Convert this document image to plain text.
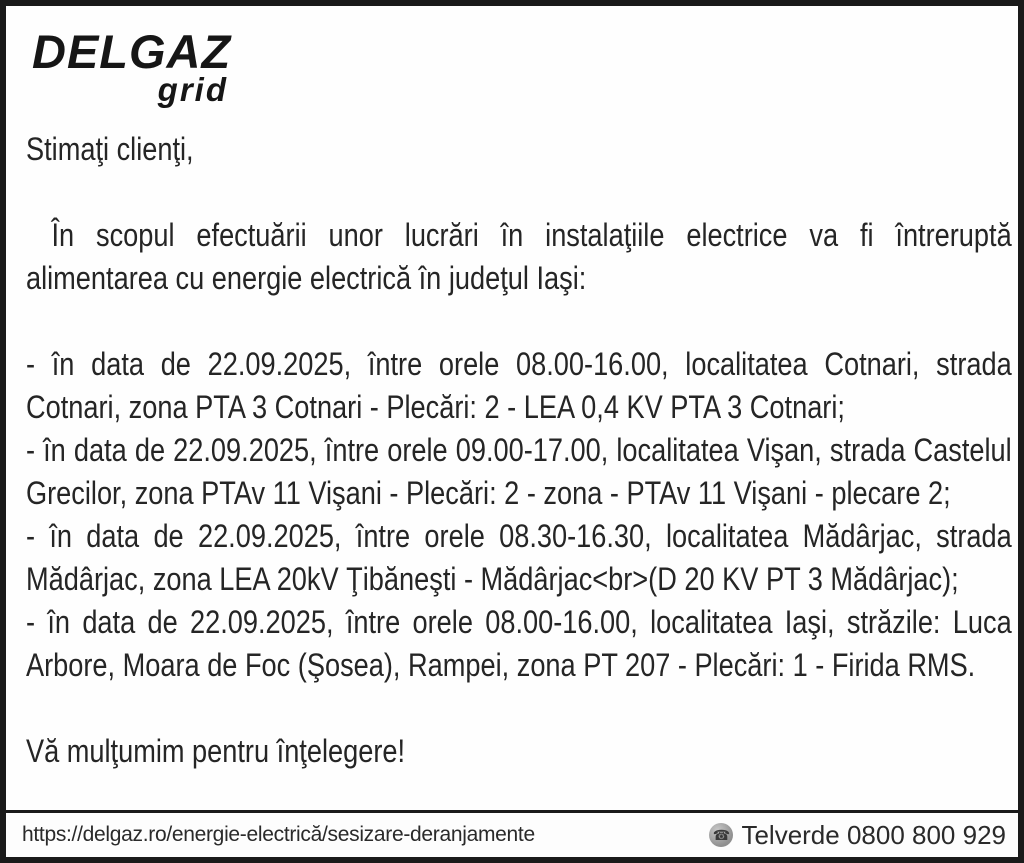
DELGAZ
grid
Stimaţi clienţi,
În scopul efectuării unor lucrări în instalaţiile electrice va fi întreruptă alimentarea cu energie electrică în judeţul Iaşi:
- în data de 22.09.2025, între orele 08.00-16.00, localitatea Cotnari, strada Cotnari, zona PTA 3 Cotnari - Plecări: 2 - LEA 0,4 KV PTA 3 Cotnari;
- în data de 22.09.2025, între orele 09.00-17.00, localitatea Vişan, strada Castelul Grecilor, zona PTAv 11 Vişani - Plecări: 2 - zona - PTAv 11 Vişani - plecare 2;
- în data de 22.09.2025, între orele 08.30-16.30, localitatea Mădârjac, strada Mădârjac, zona LEA 20kV Ţibăneşti - Mădârjac<br>(D 20 KV PT 3 Mădârjac);
- în data de 22.09.2025, între orele 08.00-16.00, localitatea Iaşi, străzile: Luca Arbore, Moara de Foc (Şosea), Rampei, zona PT 207 - Plecări: 1 - Firida RMS.
Vă mulţumim pentru înţelegere!
https://delgaz.ro/energie-electrică/sesizare-deranjamente	☎ Telverde 0800 800 929
